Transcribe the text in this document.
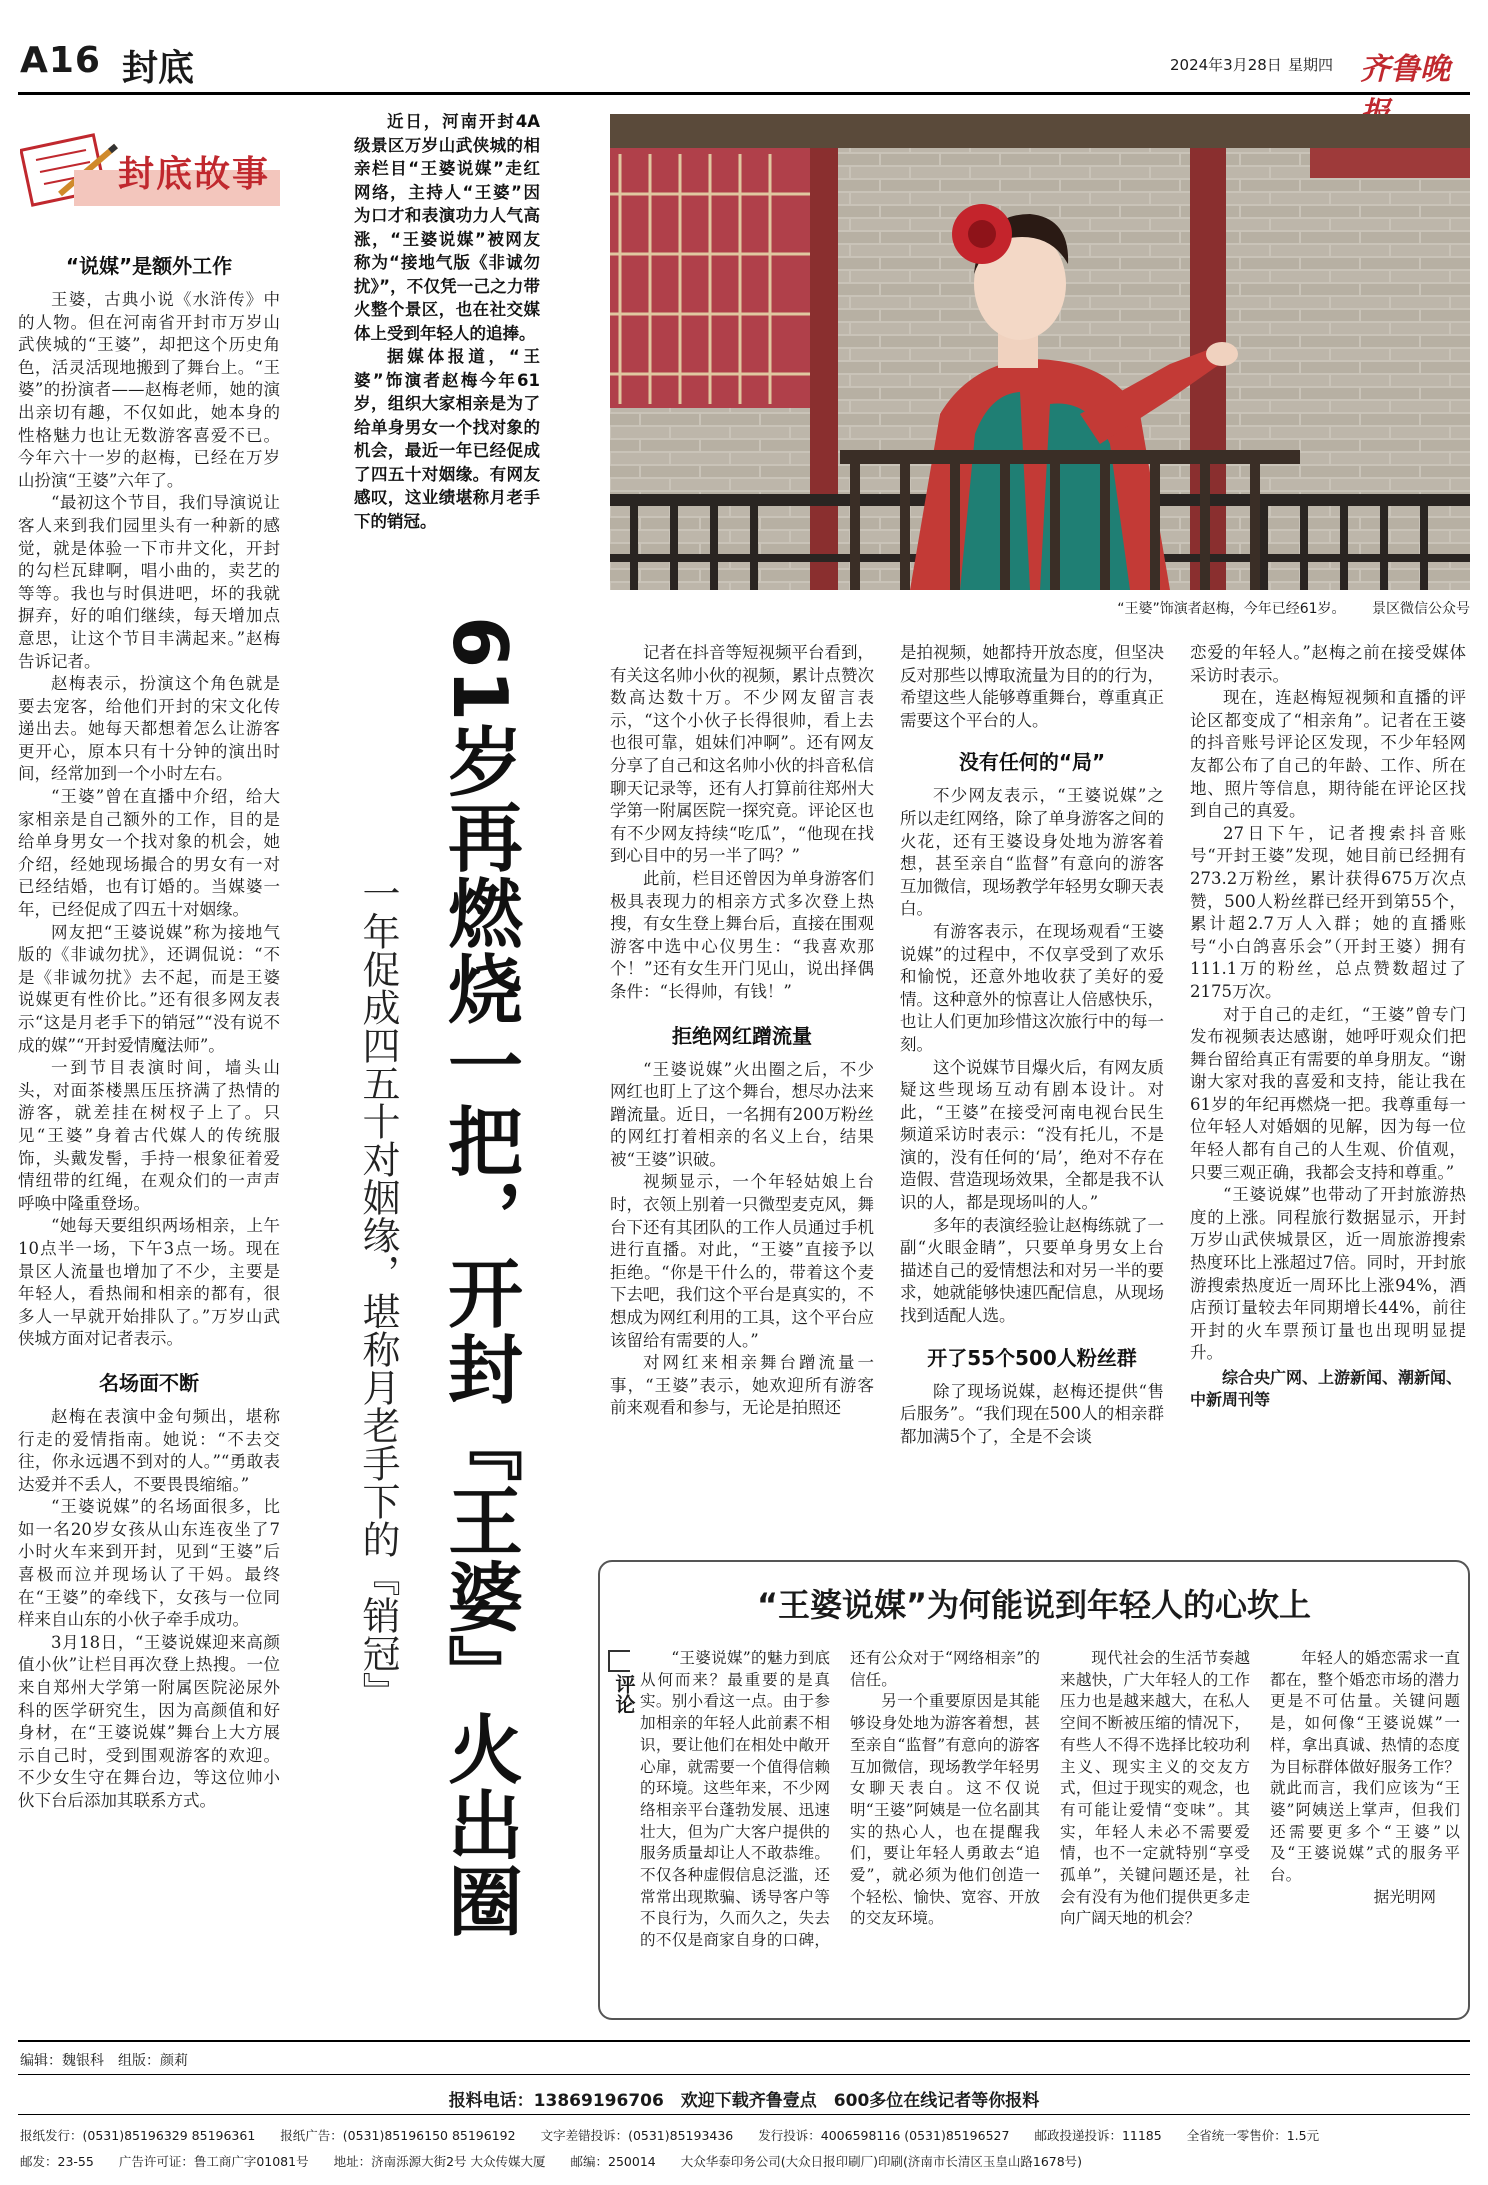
A16 封底	2024年3月28日 星期四 齐鲁晚
封底故事
“说媒”是额外工作

王婆，古典小说《水浒传》中的人物。但在河南省开封市万岁山武侠城的“王婆”，却把这个历史角色，活灵活现地搬到了舞台上。“王婆”的扮演者——赵梅老师，她的演出亲切有趣，不仅如此，她本身的性格魅力也让无数游客喜爱不已。今年六十一岁的赵梅，已经在万岁山扮演“王婆”六年了。

“最初这个节目，我们导演说让客人来到我们园里头有一种新的感觉，就是体验一下市井文化，开封的勾栏瓦肆啊，唱小曲的，卖艺的等等。我也与时俱进吧，坏的我就摒弃，好的咱们继续，每天增加点意思，让这个节目丰满起来。”赵梅告诉记者。

赵梅表示，扮演这个角色就是要去宠客，给他们开封的宋文化传递出去。她每天都想着怎么让游客更开心，原本只有十分钟的演出时间，经常加到一个小时左右。

“王婆”曾在直播中介绍，给大家相亲是自己额外的工作，目的是给单身男女一个找对象的机会，她介绍，经她现场撮合的男女有一对已经结婚，也有订婚的。当媒婆一年，已经促成了四五十对姻缘。

网友把“王婆说媒”称为接地气版的《非诚勿扰》，还调侃说：“不是《非诚勿扰》去不起，而是王婆说媒更有性价比。”还有很多网友表示“这是月老手下的销冠”“没有说不成的媒”“开封爱情魔法师”。

一到节目表演时间，墙头山头，对面茶楼黑压压挤满了热情的游客，就差挂在树杈子上了。只见“王婆”身着古代媒人的传统服饰，头戴发髻，手持一根象征着爱情纽带的红绳，在观众们的一声声呼唤中隆重登场。

“她每天要组织两场相亲，上午10点半一场，下午3点一场。现在景区人流量也增加了不少，主要是年轻人，看热闹和相亲的都有，很多人一早就开始排队了。”万岁山武侠城方面对记者表示。

名场面不断

赵梅在表演中金句频出，堪称行走的爱情指南。她说：“不去交往，你永远遇不到对的人。”“勇敢表达爱并不丢人，不要畏畏缩缩。”

“王婆说媒”的名场面很多，比如一名20岁女孩从山东连夜坐了7小时火车来到开封，见到“王婆”后喜极而泣并现场认了干妈。最终在“王婆”的牵线下，女孩与一位同样来自山东的小伙子牵手成功。

3月18日，“王婆说媒迎来高颜值小伙”让栏目再次登上热搜。一位来自郑州大学第一附属医院泌尿外科的医学研究生，因为高颜值和好身材，在“王婆说媒”舞台上大方展示自己时，受到围观游客的欢迎。不少女生守在舞台边，等这位帅小伙下台后添加其联系方式。

近日，河南开封4A级景区万岁山武侠城的相亲栏目“王婆说媒”走红网络，主持人“王婆”因为口才和表演功力人气高涨，“王婆说媒”被网友称为“接地气版《非诚勿扰》”，不仅凭一己之力带火整个景区，也在社交媒体上受到年轻人的追捧。

据媒体报道，“王婆”饰演者赵梅今年61岁，组织大家相亲是为了给单身男女一个找对象的机会，最近一年已经促成了四五十对姻缘。有网友感叹，这业绩堪称月老手下的销冠。

“王婆”饰演者赵梅，今年已经61岁。 景区微信公众号
61岁再燃烧一把，开封『王婆』火出圈
一年促成四五十对姻缘，堪称月老手下的『销冠』

记者在抖音等短视频平台看到，有关这名帅小伙的视频，累计点赞次数高达数十万。不少网友留言表示，“这个小伙子长得很帅，看上去也很可靠，姐妹们冲啊”。还有网友分享了自己和这名帅小伙的抖音私信聊天记录等，还有人打算前往郑州大学第一附属医院一探究竟。评论区也有不少网友持续“吃瓜”，“他现在找到心目中的另一半了吗？”

此前，栏目还曾因为单身游客们极具表现力的相亲方式多次登上热搜，有女生登上舞台后，直接在围观游客中选中心仪男生：“我喜欢那个！”还有女生开门见山，说出择偶条件：“长得帅，有钱！”

拒绝网红蹭流量

“王婆说媒”火出圈之后，不少网红也盯上了这个舞台，想尽办法来蹭流量。近日，一名拥有200万粉丝的网红打着相亲的名义上台，结果被“王婆”识破。

视频显示，一个年轻姑娘上台时，衣领上别着一只微型麦克风，舞台下还有其团队的工作人员通过手机进行直播。对此，“王婆”直接予以拒绝。“你是干什么的，带着这个麦下去吧，我们这个平台是真实的，不想成为网红利用的工具，这个平台应该留给有需要的人。”

对网红来相亲舞台蹭流量一事，“王婆”表示，她欢迎所有游客前来观看和参与，无论是拍照还

是拍视频，她都持开放态度，但坚决反对那些以博取流量为目的的行为，希望这些人能够尊重舞台，尊重真正需要这个平台的人。

没有任何的“局”

不少网友表示，“王婆说媒”之所以走红网络，除了单身游客之间的火花，还有王婆设身处地为游客着想，甚至亲自“监督”有意向的游客互加微信，现场教学年轻男女聊天表白。

有游客表示，在现场观看“王婆说媒”的过程中，不仅享受到了欢乐和愉悦，还意外地收获了美好的爱情。这种意外的惊喜让人倍感快乐，也让人们更加珍惜这次旅行中的每一刻。

这个说媒节目爆火后，有网友质疑这些现场互动有剧本设计。对此，“王婆”在接受河南电视台民生频道采访时表示：“没有托儿，不是演的，没有任何的‘局’，绝对不存在造假、营造现场效果，全都是我不认识的人，都是现场叫的人。”

多年的表演经验让赵梅练就了一副“火眼金睛”，只要单身男女上台描述自己的爱情想法和对另一半的要求，她就能够快速匹配信息，从现场找到适配人选。

开了55个500人粉丝群

除了现场说媒，赵梅还提供“售后服务”。“我们现在500人的相亲群都加满5个了，全是不会谈

恋爱的年轻人。”赵梅之前在接受媒体采访时表示。

现在，连赵梅短视频和直播的评论区都变成了“相亲角”。记者在王婆的抖音账号评论区发现，不少年轻网友都公布了自己的年龄、工作、所在地、照片等信息，期待能在评论区找到自己的真爱。

27日下午，记者搜索抖音账号“开封王婆”发现，她目前已经拥有273.2万粉丝，累计获得675万次点赞，500人粉丝群已经开到第55个，累计超2.7万人入群；她的直播账号“小白鸽喜乐会”（开封王婆）拥有111.1万的粉丝，总点赞数超过了2175万次。

对于自己的走红，“王婆”曾专门发布视频表达感谢，她呼吁观众们把舞台留给真正有需要的单身朋友。“谢谢大家对我的喜爱和支持，能让我在61岁的年纪再燃烧一把。我尊重每一位年轻人对婚姻的见解，因为每一位年轻人都有自己的人生观、价值观，只要三观正确，我都会支持和尊重。”

“王婆说媒”也带动了开封旅游热度的上涨。同程旅行数据显示，开封万岁山武侠城景区，近一周旅游搜索热度环比上涨超过7倍。同时，开封旅游搜索热度近一周环比上涨94%，酒店预订量较去年同期增长44%，前往开封的火车票预订量也出现明显提升。

综合央广网、上游新闻、潮新闻、中新周刊等
“王婆说媒”为何能说到年轻人的心坎上
评论

“王婆说媒”的魅力到底从何而来？最重要的是真实。别小看这一点。由于参加相亲的年轻人此前素不相识，要让他们在相处中敞开心扉，就需要一个值得信赖的环境。这些年来，不少网络相亲平台蓬勃发展、迅速壮大，但为广大客户提供的服务质量却让人不敢恭维。不仅各种虚假信息泛滥，还常常出现欺骗、诱导客户等不良行为，久而久之，失去的不仅是商家自身的口碑，还有公众对于“网络相亲”的信任。

另一个重要原因是其能够设身处地为游客着想，甚至亲自“监督”有意向的游客互加微信，现场教学年轻男女聊天表白。这不仅说明“王婆”阿姨是一位名副其实的热心人，也在提醒我们，要让年轻人勇敢去“追爱”，就必须为他们创造一个轻松、愉快、宽容、开放的交友环境。

现代社会的生活节奏越来越快，广大年轻人的工作压力也是越来越大，在私人空间不断被压缩的情况下，有些人不得不选择比较功利主义、现实主义的交友方式，但过于现实的观念，也有可能让爱情“变味”。其实，年轻人未必不需要爱情，也不一定就特别“享受孤单”，关键问题还是，社会有没有为他们提供更多走向广阔天地的机会？

年轻人的婚恋需求一直都在，整个婚恋市场的潜力更是不可估量。关键问题是，如何像“王婆说媒”一样，拿出真诚、热情的态度为目标群体做好服务工作？就此而言，我们应该为“王婆”阿姨送上掌声，但我们还需要更多个“王婆”以及“王婆说媒”式的服务平台。

据光明网

编辑：魏银科　组版：颜莉
报料电话：13869196706　欢迎下载齐鲁壹点　600多位在线记者等你报料
报纸发行：(0531)85196329 85196361　　报纸广告：(0531)85196150 85196192　　文字差错投诉：(0531)85193436　　发行投诉：4006598116 (0531)85196527　　邮政投递投诉：11185　　全省统一零售价：1.5元
邮发：23-55　　广告许可证：鲁工商广字01081号　　地址：济南泺源大街2号 大众传媒大厦　　邮编：250014　　大众华泰印务公司(大众日报印刷厂)印刷(济南市长清区玉皇山路1678号)
